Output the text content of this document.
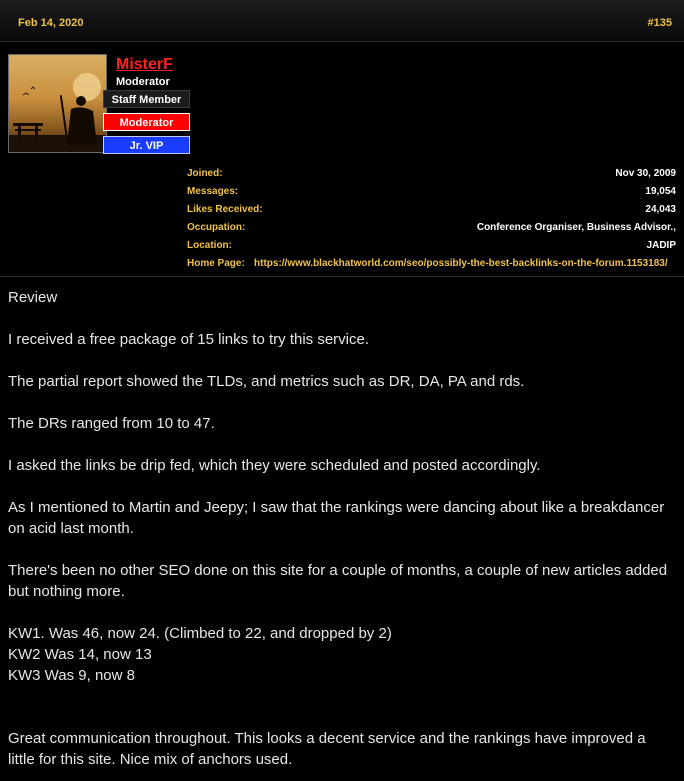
Feb 14, 2020	#135
MisterF
Moderator
Staff Member
Moderator
Jr. VIP
Joined:	Nov 30, 2009
Messages:	19,054
Likes Received:	24,043
Occupation:	Conference Organiser, Business Advisor.,
Location:	JADIP
Home Page: https://www.blackhatworld.com/seo/possibly-the-best-backlinks-on-the-forum.1153183/

Review

I received a free package of 15 links to try this service.

The partial report showed the TLDs, and metrics such as DR, DA, PA and rds.

The DRs ranged from 10 to 47.

I asked the links be drip fed, which they were scheduled and posted accordingly.

As I mentioned to Martin and Jeepy; I saw that the rankings were dancing about like a breakdancer on acid last month.

There's been no other SEO done on this site for a couple of months, a couple of new articles added but nothing more.

KW1. Was 46, now 24. (Climbed to 22, and dropped by 2)

KW2 Was 14, now 13

KW3 Was 9, now 8

Great communication throughout. This looks a decent service and the rankings have improved a little for this site. Nice mix of anchors used.
